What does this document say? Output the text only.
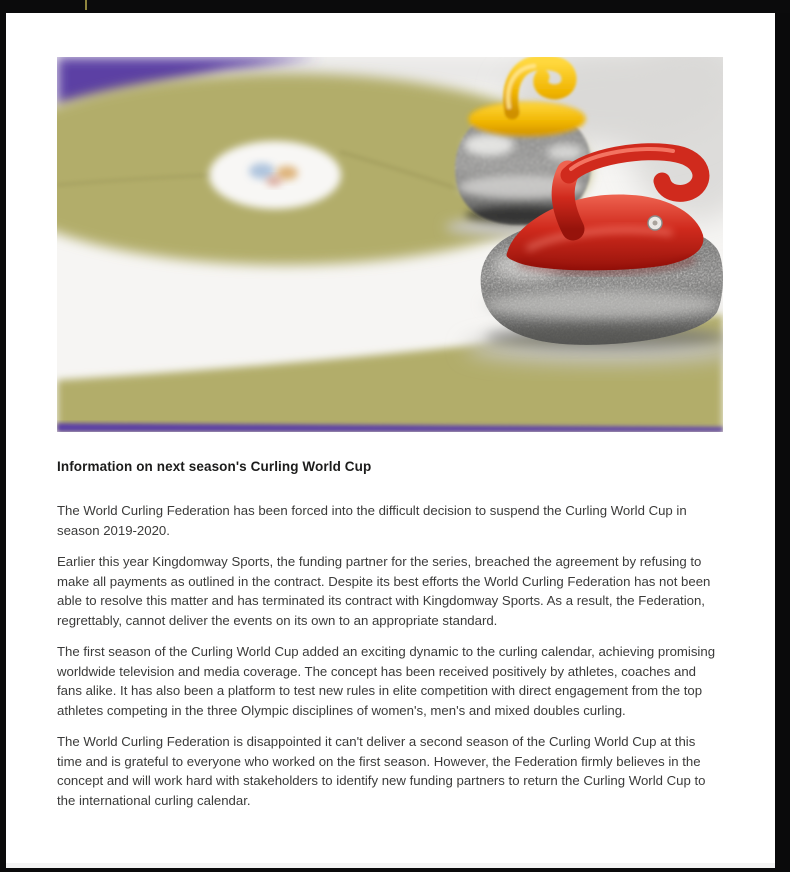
Information on next season's Curling World Cup

The World Curling Federation has been forced into the difficult decision to suspend the Curling World Cup in season 2019-2020.

Earlier this year Kingdomway Sports, the funding partner for the series, breached the agreement by refusing to make all payments as outlined in the contract. Despite its best efforts the World Curling Federation has not been able to resolve this matter and has terminated its contract with Kingdomway Sports. As a result, the Federation, regrettably, cannot deliver the events on its own to an appropriate standard.

The first season of the Curling World Cup added an exciting dynamic to the curling calendar, achieving promising worldwide television and media coverage. The concept has been received positively by athletes, coaches and fans alike. It has also been a platform to test new rules in elite competition with direct engagement from the top athletes competing in the three Olympic disciplines of women's, men's and mixed doubles curling.

The World Curling Federation is disappointed it can't deliver a second season of the Curling World Cup at this time and is grateful to everyone who worked on the first season. However, the Federation firmly believes in the concept and will work hard with stakeholders to identify new funding partners to return the Curling World Cup to the international curling calendar.
